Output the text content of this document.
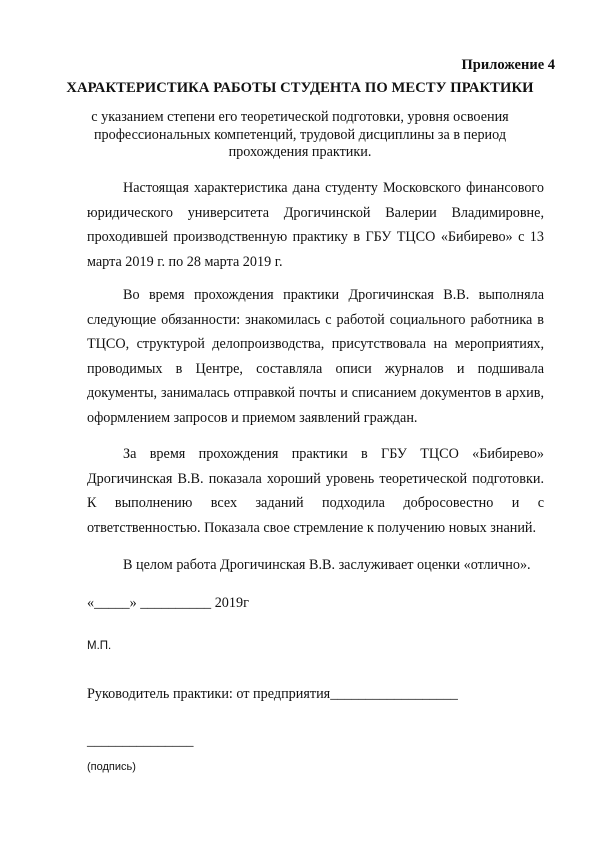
Приложение 4
ХАРАКТЕРИСТИКА РАБОТЫ СТУДЕНТА ПО МЕСТУ ПРАКТИКИ
с указанием степени его теоретической подготовки, уровня освоения профессиональных компетенций, трудовой дисциплины за в период прохождения практики.
Настоящая характеристика дана студенту Московского финансового юридического университета Дрогичинской Валерии Владимировне, проходившей производственную практику в ГБУ ТЦСО «Бибирево» с 13 марта 2019 г. по 28 марта 2019 г.
Во время прохождения практики Дрогичинская В.В. выполняла следующие обязанности: знакомилась с работой социального работника в ТЦСО, структурой делопроизводства, присутствовала на мероприятиях, проводимых в Центре, составляла описи журналов и подшивала документы, занималась отправкой почты и списанием документов в архив, оформлением запросов и приемом заявлений граждан.
За время прохождения практики в ГБУ ТЦСО «Бибирево» Дрогичинская В.В. показала хороший уровень теоретической подготовки. К выполнению всех заданий подходила добросовестно и с ответственностью. Показала свое стремление к получению новых знаний.
В целом работа Дрогичинская В.В. заслуживает оценки «отлично».
«_____» __________ 2019г
М.П.
Руководитель практики: от предприятия__________________
_______________
(подпись)
